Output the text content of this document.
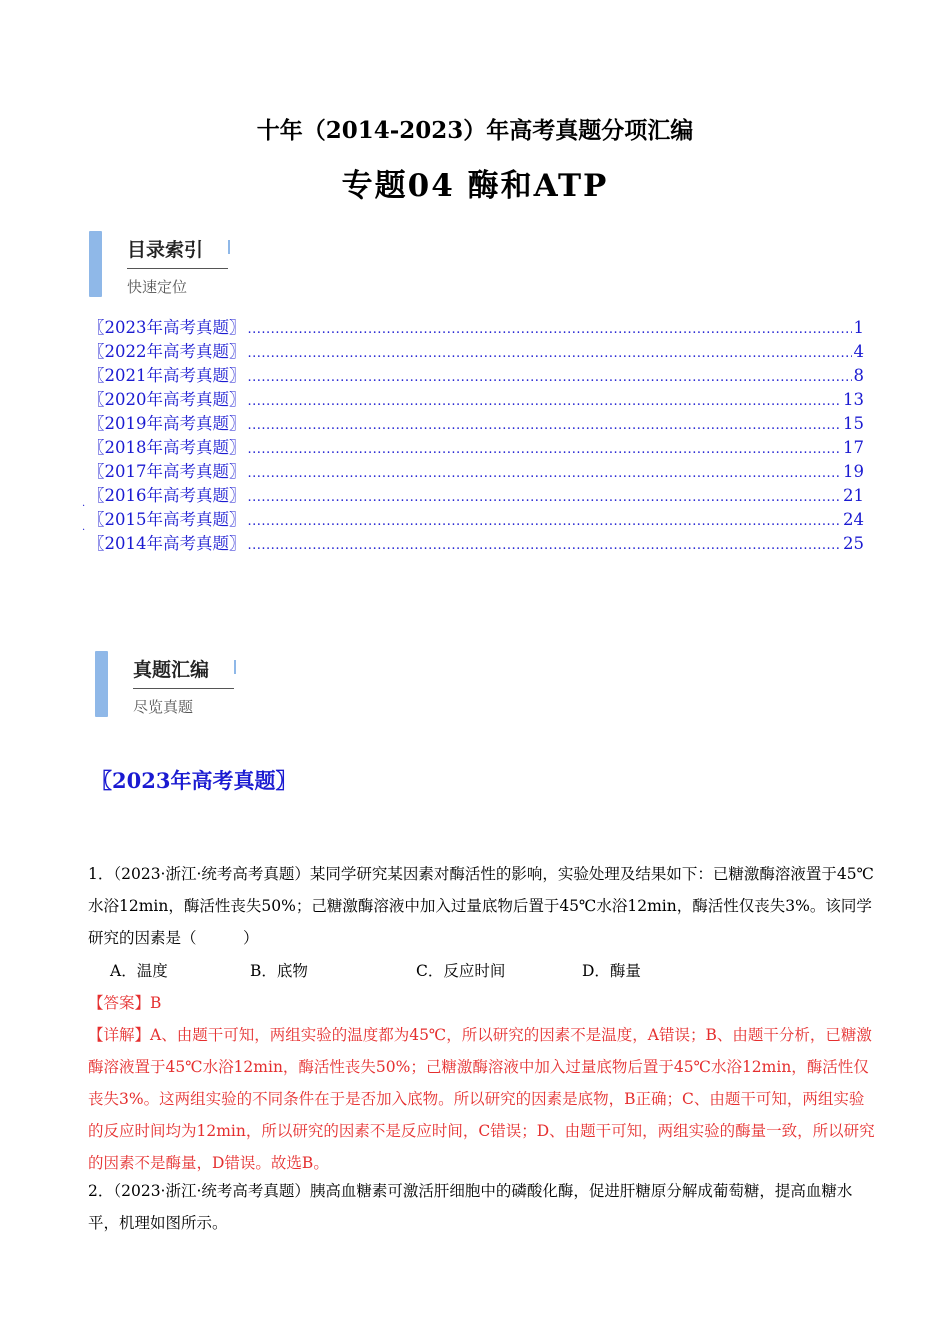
十年（2014-2023）年高考真题分项汇编
专题04 酶和ATP
目录索引
快速定位
〖2023年高考真题〗 .....	1
〖2022年高考真题〗 .....	4
〖2021年高考真题〗 .....	8
〖2020年高考真题〗 .....	13
〖2019年高考真题〗 .....	15
〖2018年高考真题〗 .....	17
〖2017年高考真题〗 .....	19
. 〖2016年高考真题〗 .....	21
. 〖2015年高考真题〗 .....	24
〖2014年高考真题〗 .....	25
真题汇编
尽览真题
〖2023年高考真题〗
1．（2023·浙江·统考高考真题）某同学研究某因素对酶活性的影响，实验处理及结果如下：已糖激酶溶液置于45℃水浴12min，酶活性丧失50%；己糖激酶溶液中加入过量底物后置于45℃水浴12min，酶活性仅丧失3%。该同学研究的因素是（　　　）
A．温度	B．底物	C．反应时间	D．酶量
【答案】B
【详解】A、由题干可知，两组实验的温度都为45℃，所以研究的因素不是温度，A错误；B、由题干分析，已糖激酶溶液置于45℃水浴12min，酶活性丧失50%；己糖激酶溶液中加入过量底物后置于45℃水浴12min，酶活性仅丧失3%。这两组实验的不同条件在于是否加入底物。所以研究的因素是底物，B正确；C、由题干可知，两组实验的反应时间均为12min，所以研究的因素不是反应时间，C错误；D、由题干可知，两组实验的酶量一致，所以研究的因素不是酶量，D错误。故选B。
2．（2023·浙江·统考高考真题）胰高血糖素可激活肝细胞中的磷酸化酶，促进肝糖原分解成葡萄糖，提高血糖水平，机理如图所示。
